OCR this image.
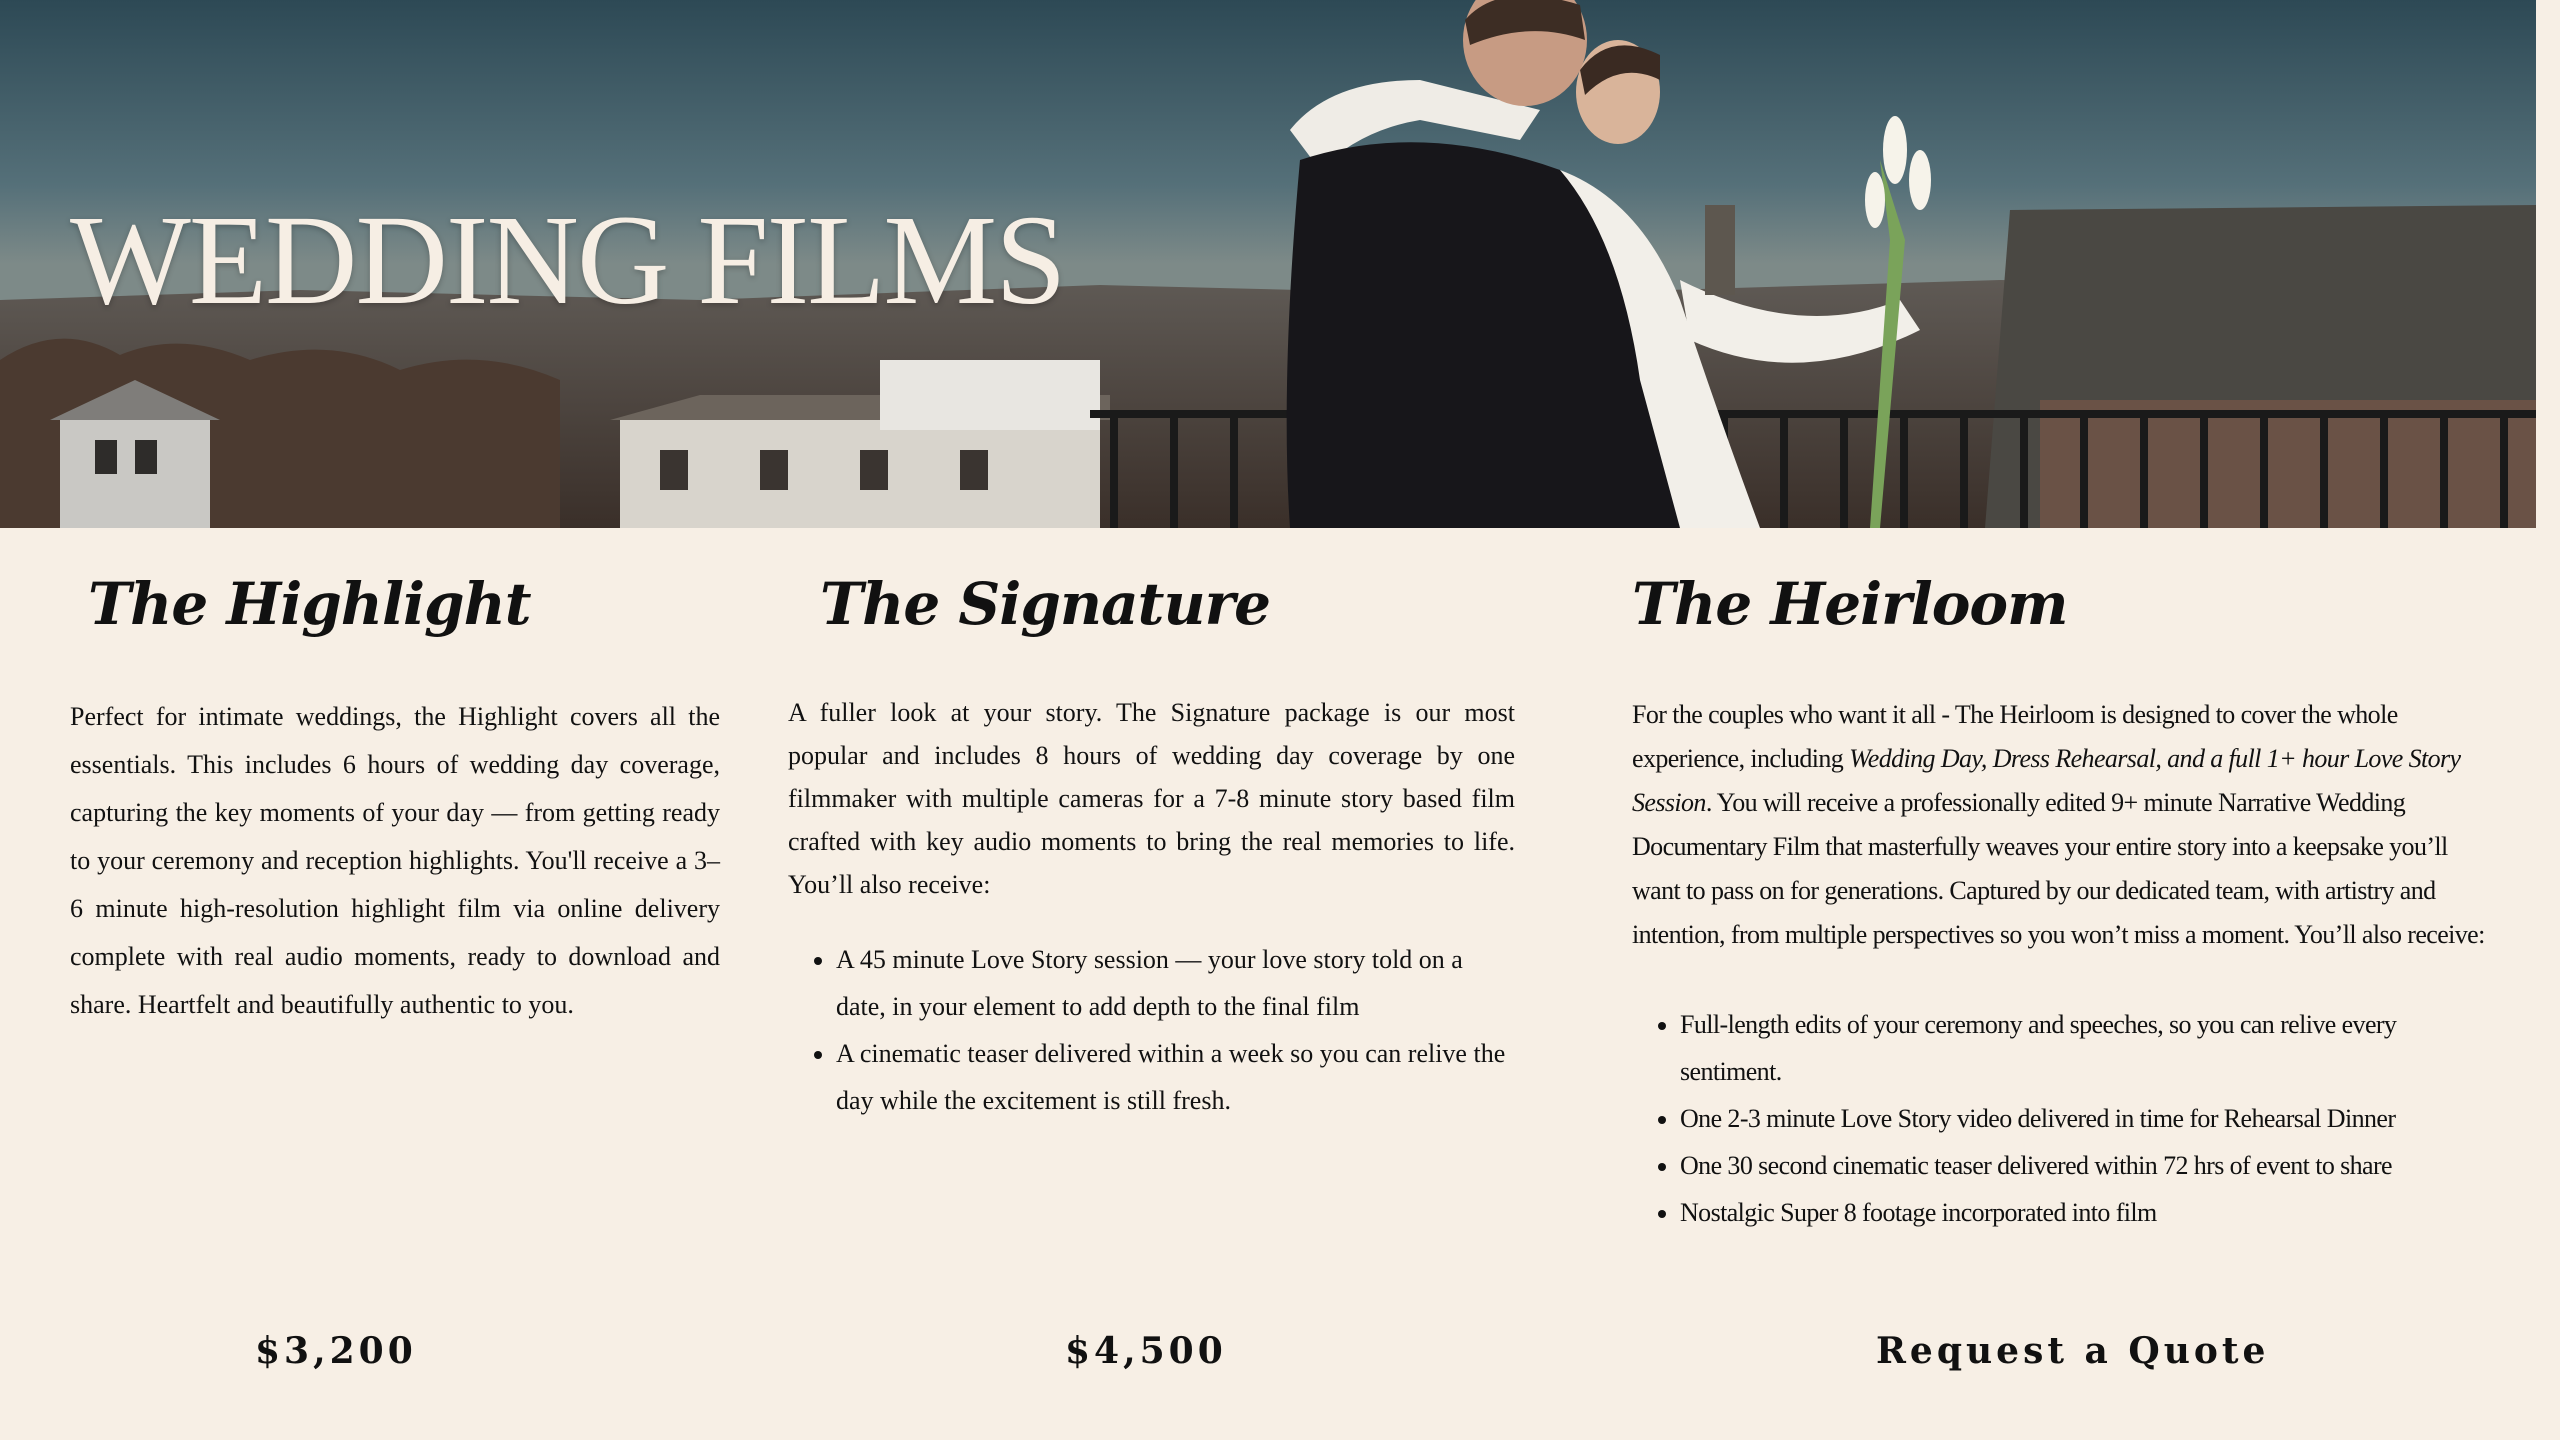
WEDDING FILMS
The Highlight

Perfect for intimate weddings, the Highlight covers all the essentials. This includes 6 hours of wedding day coverage, capturing the key moments of your day — from getting ready to your ceremony and reception highlights. You'll receive a 3–6 minute high-resolution highlight film via online delivery complete with real audio moments, ready to download and share. Heartfelt and beautifully authentic to you.

$3,200
The Signature

A fuller look at your story. The Signature package is our most popular and includes 8 hours of wedding day coverage by one filmmaker with multiple cameras for a 7-8 minute story based film crafted with key audio moments to bring the real memories to life. You’ll also receive:

• A 45 minute Love Story session — your love story told on a date, in your element to add depth to the final film
• A cinematic teaser delivered within a week so you can relive the day while the excitement is still fresh.
$4,500
The Heirloom

For the couples who want it all - The Heirloom is designed to cover the whole experience, including Wedding Day, Dress Rehearsal, and a full 1+ hour Love Story Session. You will receive a professionally edited 9+ minute Narrative Wedding Documentary Film that masterfully weaves your entire story into a keepsake you’ll want to pass on for generations. Captured by our dedicated team, with artistry and intention, from multiple perspectives so you won’t miss a moment. You’ll also receive:

• Full-length edits of your ceremony and speeches, so you can relive every sentiment.
• One 2-3 minute Love Story video delivered in time for Rehearsal Dinner
• One 30 second cinematic teaser delivered within 72 hrs of event to share
• Nostalgic Super 8 footage incorporated into film
Request a Quote
